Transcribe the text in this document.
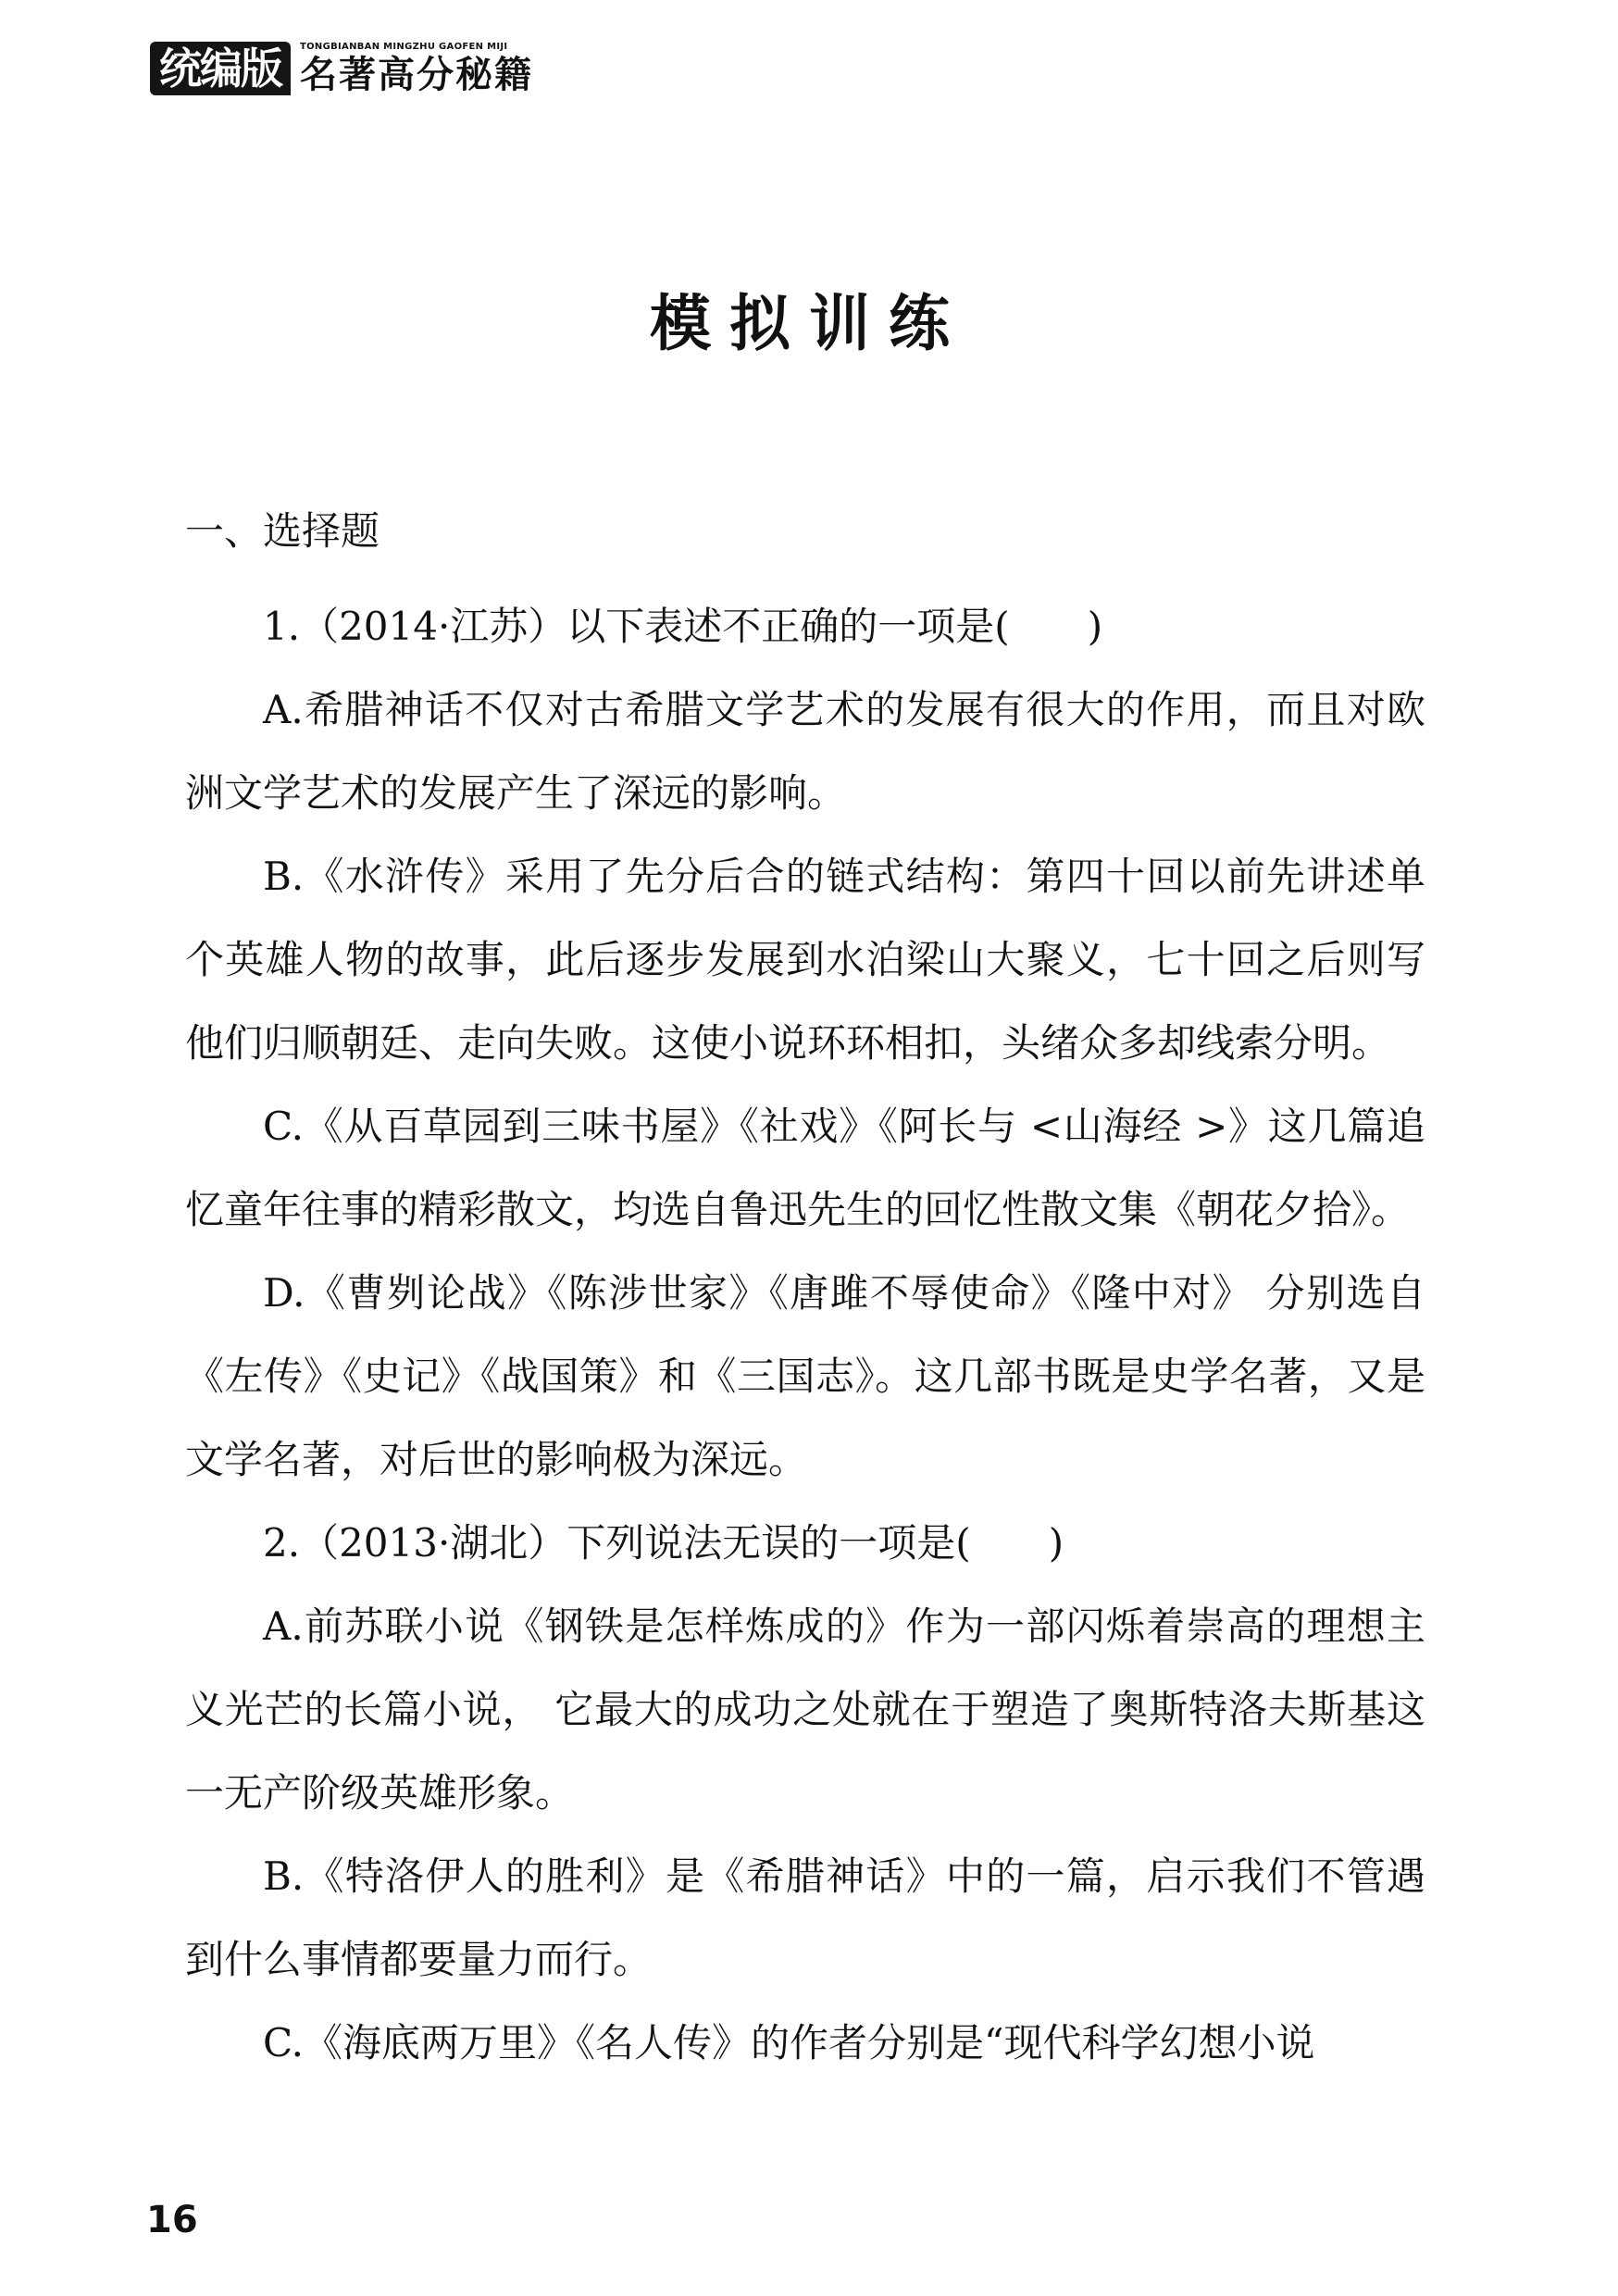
统编版	TONGBIANBAN MINGZHU GAOFEN MIJI
名著高分秘籍
模拟训练
一、选择题

1.（2014·江苏）以下表述不正确的一项是(　　)

A.希腊神话不仅对古希腊文学艺术的发展有很大的作用，而且对欧洲文学艺术的发展产生了深远的影响。

B.《水浒传》采用了先分后合的链式结构：第四十回以前先讲述单个英雄人物的故事，此后逐步发展到水泊梁山大聚义，七十回之后则写他们归顺朝廷、走向失败。这使小说环环相扣，头绪众多却线索分明。

C.《从百草园到三味书屋》《社戏》《阿长与 <山海经 >》这几篇追忆童年往事的精彩散文，均选自鲁迅先生的回忆性散文集《朝花夕拾》。

D.《曹刿论战》《陈涉世家》《唐雎不辱使命》《隆中对》 分别选自《左传》《史记》《战国策》和《三国志》。这几部书既是史学名著，又是文学名著，对后世的影响极为深远。

2.（2013·湖北）下列说法无误的一项是(　　)

A.前苏联小说《钢铁是怎样炼成的》作为一部闪烁着崇高的理想主义光芒的长篇小说， 它最大的成功之处就在于塑造了奥斯特洛夫斯基这一无产阶级英雄形象。

B.《特洛伊人的胜利》是《希腊神话》中的一篇，启示我们不管遇到什么事情都要量力而行。

C.《海底两万里》《名人传》的作者分别是“现代科学幻想小说

16
